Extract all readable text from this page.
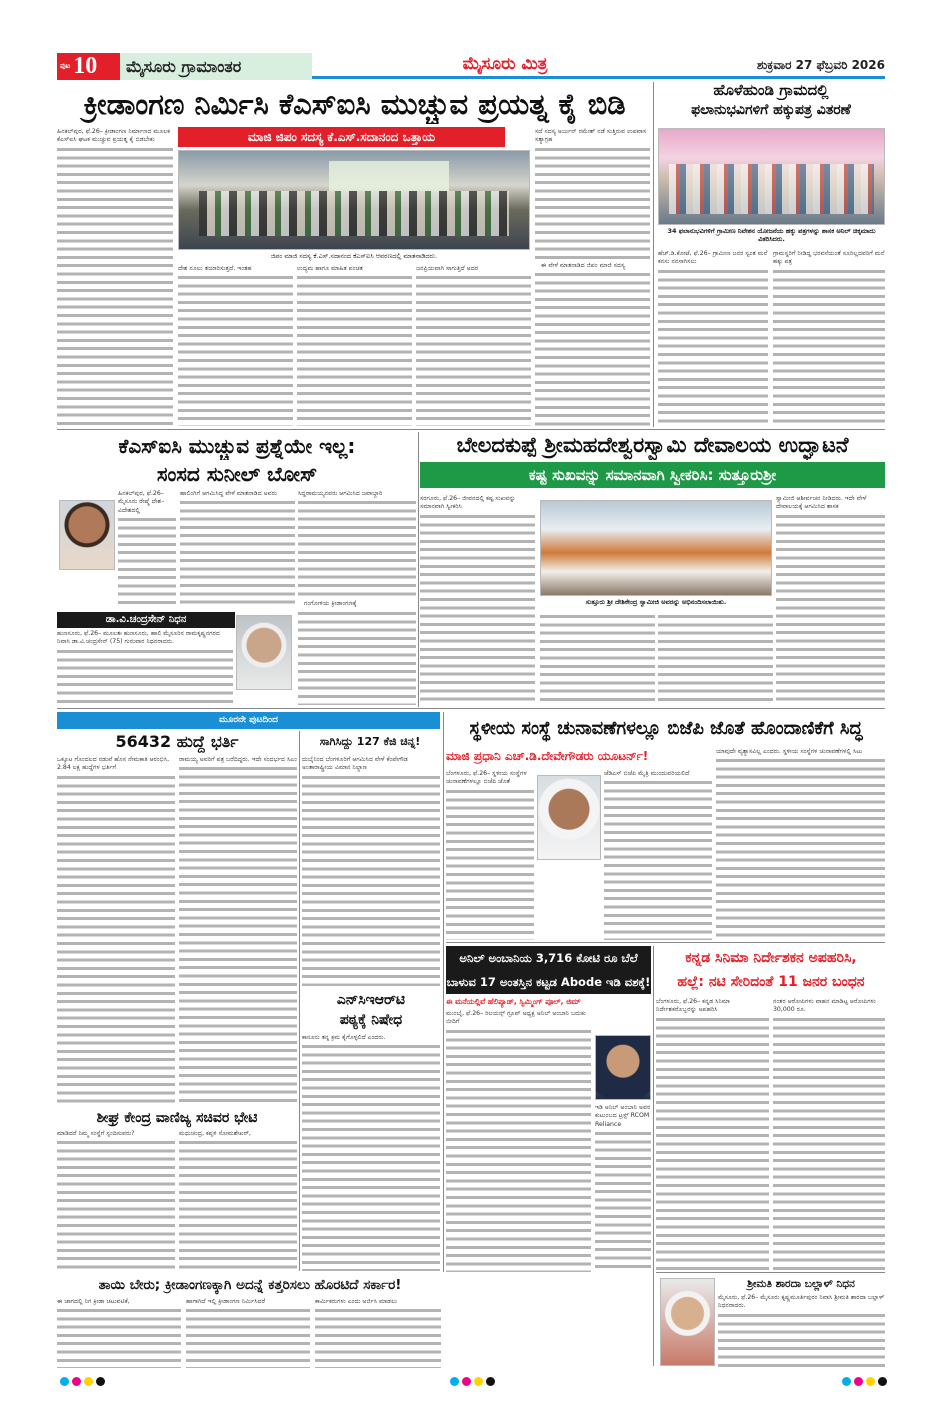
ಪುಟ 10	ಮೈಸೂರು ಗ್ರಾಮಾಂತರ	ಮೈಸೂರು ಮಿತ್ರ	ಶುಕ್ರವಾರ 27 ಫೆಬ್ರವರಿ 2026
ಕ್ರೀಡಾಂಗಣ ನಿರ್ಮಿಸಿ ಕೆಎಸ್‌ಐಸಿ ಮುಚ್ಚುವ ಪ್ರಯತ್ನ ಕೈ ಬಿಡಿ
ಮಾಜಿ ಜಿಪಂ ಸದಸ್ಯ ಕೆ.ಎಸ್.ಸದಾನಂದ ಒತ್ತಾಯ
ಹಿನಕಲ್‌ಪುರ, ಫೆ.26– ಕ್ರೀಡಾಂಗಣ ನಿರ್ಮಾಣದ ಮೂಲಕ ಕೆಎಸ್‌ಐಸಿ ಘಟಕ ಮುಚ್ಚುವ ಪ್ರಯತ್ನ ಕೈ ಬಿಡಬೇಕು
ಜಿಪಂ ಮಾಜಿ ಸದಸ್ಯ ಕೆ.ಎಸ್.ಸದಾನಂದ ಕೆಎಸ್‌ಐಸಿ ಆವರಣದಲ್ಲಿ ಮಾತನಾಡಿದರು.
ಸದೆ ಸದಸ್ಯ ಅರ್ಜುನ್ ರಮೇಶ್ ನಡೆ ಸುತ್ತಿರುವ ಉಪವಾಸ ಸತ್ಯಾಗ್ರಹ
ಈ ವೇಳೆ ಮಾತನಾಡಿದ ಜಿಪಂ ಮಾಜಿ ಸದಸ್ಯ
ದೇಶ ನೂಲು ತಯಾರಿಸುತ್ತದೆ. ಇಂತಹ	ಉದ್ಯಮ ಹಾಗೂ ಮಾಹಿತ ಪಂಚತ	ಜನಪ್ರಿಯವಾಗಿ ಸಾಗುತ್ತಿದೆ ಅದರ
ಹೊಳೆಹುಂಡಿ ಗ್ರಾಮದಲ್ಲಿ
ಫಲಾನುಭವಿಗಳಿಗೆ ಹಕ್ಕುಪತ್ರ ವಿತರಣೆ
34 ಫಲಾನುಭವಿಗಳಿಗೆ ಗ್ರಾಮೀಣ ನಿವೇಶನ ಯೋಜನೆಯ ಹಕ್ಕು ಪತ್ರಗಳನ್ನು ಶಾಸಕ ಅನಿಲ್ ಚಿಕ್ಕಮಾದು ವಿತರಿಸಿದರು.
ಹೆಚ್.ಡಿ.ಕೋಟೆ, ಫೆ.26– ಗ್ರಾಮೀಣ ಜನರ ಸ್ವಂತ ಮನೆ ಕನಸು ನನಸಾಗಿಸಲು
ಗ್ರಾಮಸ್ಥರಿಗೆ ನೀಡಿದ್ದ ಭರವಸೆಯಂತೆ ಸೂರಿಲ್ಲದವರಿಗೆ ಮನೆ ಹಕ್ಕು ಪತ್ರ
ಕೆಎಸ್‌ಐಸಿ ಮುಚ್ಚುವ ಪ್ರಶ್ನೆಯೇ ಇಲ್ಲ:
ಸಂಸದ ಸುನೀಲ್ ಬೋಸ್
ಹಿನಕಲ್‌ಪುರ, ಫೆ.26– ಮೈಸೂರು ರೇಷ್ಮೆ ದೇಶ–ವಿದೇಶದಲ್ಲಿ
ಹಾಲಿಂಗಿಗೆ ಆಗಮಿಸಿದ್ದ ವೇಳೆ ಮಾತನಾಡಿದ ಅವರು	ಸಿದ್ದರಾಮಯ್ಯನವರು ಆಗಮಿಸಿದ ಜವಾಬ್ದಾರಿ
ಗಂಗೋಳಿಯ ಕ್ರೀಡಾಂಗಣಕ್ಕೆ
ಡಾ.ವಿ.ಚಂದ್ರಸೇನ್ ನಿಧನ
ಹುಣಸೂರು, ಫೆ.26– ಮೂಲತಃ ಹುಣಸೂರು, ಹಾಲಿ ಮೈಸೂರಿನ ರಾಮಕೃಷ್ಣನಗರದ ನಿವಾಸಿ ಡಾ.ವಿ.ಚಂದ್ರಸೇನ್ (75) ಗುರುವಾರ ನಿಧನರಾದರು.
ಬೇಲದಕುಪ್ಪೆ ಶ್ರೀಮಹದೇಶ್ವರಸ್ವಾಮಿ ದೇವಾಲಯ ಉದ್ಘಾಟನೆ
ಕಷ್ಟ ಸುಖವನ್ನು ಸಮಾನವಾಗಿ ಸ್ವೀಕರಿಸಿ: ಸುತ್ತೂರುಶ್ರೀ
ಸರಗೂರು, ಫೆ.26– ಜೀವನದಲ್ಲಿ ಕಷ್ಟ ಸುಖವನ್ನು ಸಮಾನವಾಗಿ ಸ್ವೀಕರಿಸಿ
ಸುತ್ತೂರು ಶ್ರೀ ದೇಶಿಕೇಂದ್ರ ಸ್ವಾಮೀಜಿ ಅವರನ್ನು ಅಭಿನಂದಿಸಲಾಯಿತು.
ಸ್ವಾಮೀಜಿ ಆಶೀರ್ವಚನ ನೀಡಿದರು. ಇದೇ ವೇಳೆ ದೇವಾಲಯಕ್ಕೆ ಆಗಮಿಸಿದ ಶಾಸಕ
ಮೂರನೇ ಪುಟದಿಂದ
56432 ಹುದ್ದೆ ಭರ್ತಿ	ಸಾಗಿಸಿದ್ದು 127 ಕೆಜಿ ಚಿನ್ನ!
ಒಕ್ಕೂಟ ಗೊಂದಲದ ನಡುವೆ ಹೊಸ ನೇಮಕಾತಿ ಆರಂಭಿಸಿ, 2.84 ಲಕ್ಷ ಹುದ್ದೆಗಳ ಭರ್ತಿಗೆ
ರಾಮಯ್ಯ ಅವರಿಗೆ ಪತ್ರ ಬರೆದಿದ್ದರು. ಇದೇ ಸಂದರ್ಭದ ಸಿಎಂ ದುಬೈನಿಂದ ಬೆಂಗಳೂರಿಗೆ ಆಗಮಿಸಿದ ವೇಳೆ ಕೆಂಪೇಗೌಡ ಅಂತಾರಾಷ್ಟ್ರೀಯ ವಿಮಾನ ನಿಲ್ದಾಣ
ಎನ್‌ಸಿಇಆರ್‌ಟಿ
ಪಠ್ಯಕ್ಕೆ ನಿಷೇಧ
ಕಾನೂನು ತನ್ನ ಕ್ರಮ ಕೈಗೊಳ್ಳಲಿದೆ ಎಂದರು.
ಶೀಘ್ರ ಕೇಂದ್ರ ವಾಣಿಜ್ಯ ಸಚಿವರ ಭೇಟಿ
ಮಾಡಿದರೆ ನಿಮ್ಮ ಸಂಸ್ಥೆಗೆ ಸ್ಪಂದಿಸುವರು?	ಮಧುಚಂದ್ರ, ಕಪ್ಪಳಿ ಸೋಮಶೇಖರ್,
ಸ್ಥಳೀಯ ಸಂಸ್ಥೆ ಚುನಾವಣೆಗಳಲ್ಲೂ ಬಿಜೆಪಿ ಜೊತೆ ಹೊಂದಾಣಿಕೆಗೆ ಸಿದ್ಧ
ಮಾಜಿ ಪ್ರಧಾನಿ ಎಚ್.ಡಿ.ದೇವೇಗೌಡರು ಯೂಟರ್ನ್!
ಬೆಂಗಳೂರು, ಫೆ.26– ಸ್ಥಳೀಯ ಸಂಸ್ಥೆಗಳ ಚುನಾವಣೆಗಳಲ್ಲೂ ಬಿಜೆಪಿ ಜೊತೆ
ಜೆಡಿಎಸ್ ಬಿಜೆಪಿ ಮೈತ್ರಿ ಮುಂದುವರಿಯಲಿದೆ
ಯಾವುದೇ ವ್ಯತ್ಯಾಸವಿಲ್ಲ ಎಂದರು. ಸ್ಥಳೀಯ ಸಂಸ್ಥೆಗಳ ಚುನಾವಣೆಗಳಲ್ಲಿ ಸಿಟು
ಅನಿಲ್ ಅಂಬಾನಿಯ 3,716 ಕೋಟಿ ರೂ ಬೆಲೆ
ಬಾಳುವ 17 ಅಂತಸ್ತಿನ ಕಟ್ಟಡ Abode ಇಡಿ ವಶಕ್ಕೆ!
ಈ ಮನೆಯಲ್ಲಿವೆ ಹೆಲಿಪ್ಯಾಡ್, ಸ್ವಿಮ್ಮಿಂಗ್ ಪೂಲ್, ಜಿಮ್
ಮುಂಬೈ, ಫೆ.26– ರಿಲಯನ್ಸ್ ಗ್ರೂಪ್ ಅಧ್ಯಕ್ಷ ಅನಿಲ್ ಅಂಬಾನಿ ಬದುಕು ಬೀದಿಗೆ
ಇಡಿ ಅನಿಲ್ ಅಂಬಾನಿ ಅವರ ಕುಟುಂಬದ ಟ್ರಸ್ಟ್ RCOM Reliance
ಕನ್ನಡ ಸಿನಿಮಾ ನಿರ್ದೇಶಕನ ಅಪಹರಿಸಿ,
ಹಲ್ಲೆ: ನಟಿ ಸೇರಿದಂತೆ 11 ಜನರ ಬಂಧನ
ಬೆಂಗಳೂರು, ಫೆ.26– ಕನ್ನಡ ಸಿನಿಮಾ ನಿರ್ದೇಶಕರೊಬ್ಬರನ್ನು ಅಪಹರಿಸಿ
ನಂತರ ಆರೋಪಿಗಳು ವಾಹನ ಮಾಡಿಟ್ಟ ಆರೋಪಿಗಳು 30,000 ರೂ.
ತಾಯಿ ಬೇರು; ಕ್ರೀಡಾಂಗಣಕ್ಕಾಗಿ ಅದನ್ನೆ ಕತ್ತರಿಸಲು ಹೊರಟಿದೆ ಸರ್ಕಾರ!
ಈ ಜಾಗದಲ್ಲಿ ನಿಗ ಕ್ರೀಡಾ ಚಟುವಟಿಕೆ,	ಹಾಗಾಗಿದೆ ಇಲ್ಲಿ ಕ್ರೀಡಾಂಗಣ ನಿರ್ಮಿಸಿದರೆ	ಕಾರ್ಮಿಕರುಗಳು ಎಂದು ಅರ್ಜಿಸಿ ಮಾಡಲು
ಶ್ರೀಮತಿ ಶಾರದಾ ಬಲ್ಲಾಳ್ ನಿಧನ
ಮೈಸೂರು, ಫೆ.26– ಮೈಸೂರು ಕೃಷ್ಣಮೂರ್ತಿಪುರಂ ನಿವಾಸಿ ಶ್ರೀಮತಿ ಶಾರದಾ ಬಲ್ಲಾಳ್ ನಿಧನರಾದರು.
